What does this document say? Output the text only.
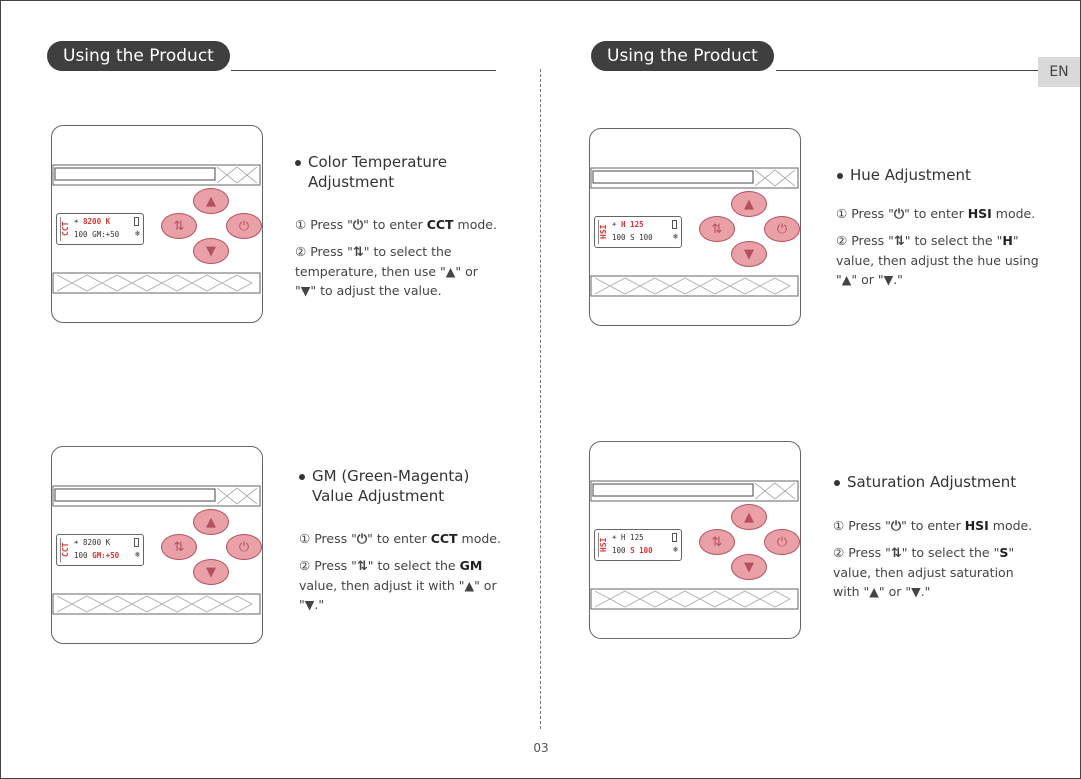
Using the Product	Using the Product
EN
CCT
☀ 8200 K
100 GM:+50 ❄
▲
⇅	⏻
▼
Color Temperature
Adjustment
① Press "⏻" to enter CCT mode.
② Press "⇅" to select the temperature, then use "▲" or "▼" to adjust the value.
CCT
☀ 8200 K
100 GM:+50 ❄
▲
⇅	⏻
▼
GM (Green-Magenta)
Value Adjustment
① Press "⏻" to enter CCT mode.
② Press "⇅" to select the GM value, then adjust it with "▲" or "▼."
HSI
☀ H 125
100 S 100	❄
▲
⇅	⏻
▼
Hue Adjustment
① Press "⏻" to enter HSI mode.
② Press "⇅" to select the "H" value, then adjust the hue using "▲" or "▼."
HSI
☀ H 125
100 S 100	❄
▲
⇅	⏻
▼
Saturation Adjustment
① Press "⏻" to enter HSI mode.
② Press "⇅" to select the "S" value, then adjust saturation with "▲" or "▼."
03
